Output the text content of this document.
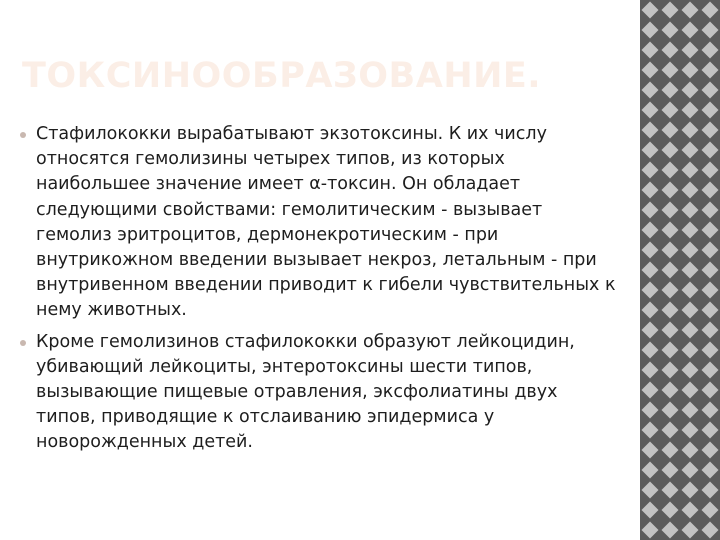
ТОКСИНООБРАЗОВАНИЕ.
Стафилококки вырабатывают экзотоксины. К их числу относятся гемолизины четырех типов, из которых наибольшее значение имеет α-токсин. Он обладает следующими свойствами: гемолитическим - вызывает гемолиз эритроцитов, дермонекротическим - при внутрикожном введении вызывает некроз, летальным - при внутривенном введении приводит к гибели чувствительных к нему животных.
Кроме гемолизинов стафилококки образуют лейкоцидин, убивающий лейкоциты, энтеротоксины шести типов, вызывающие пищевые отравления, эксфолиатины двух типов, приводящие к отслаиванию эпидермиса у новорожденных детей.
